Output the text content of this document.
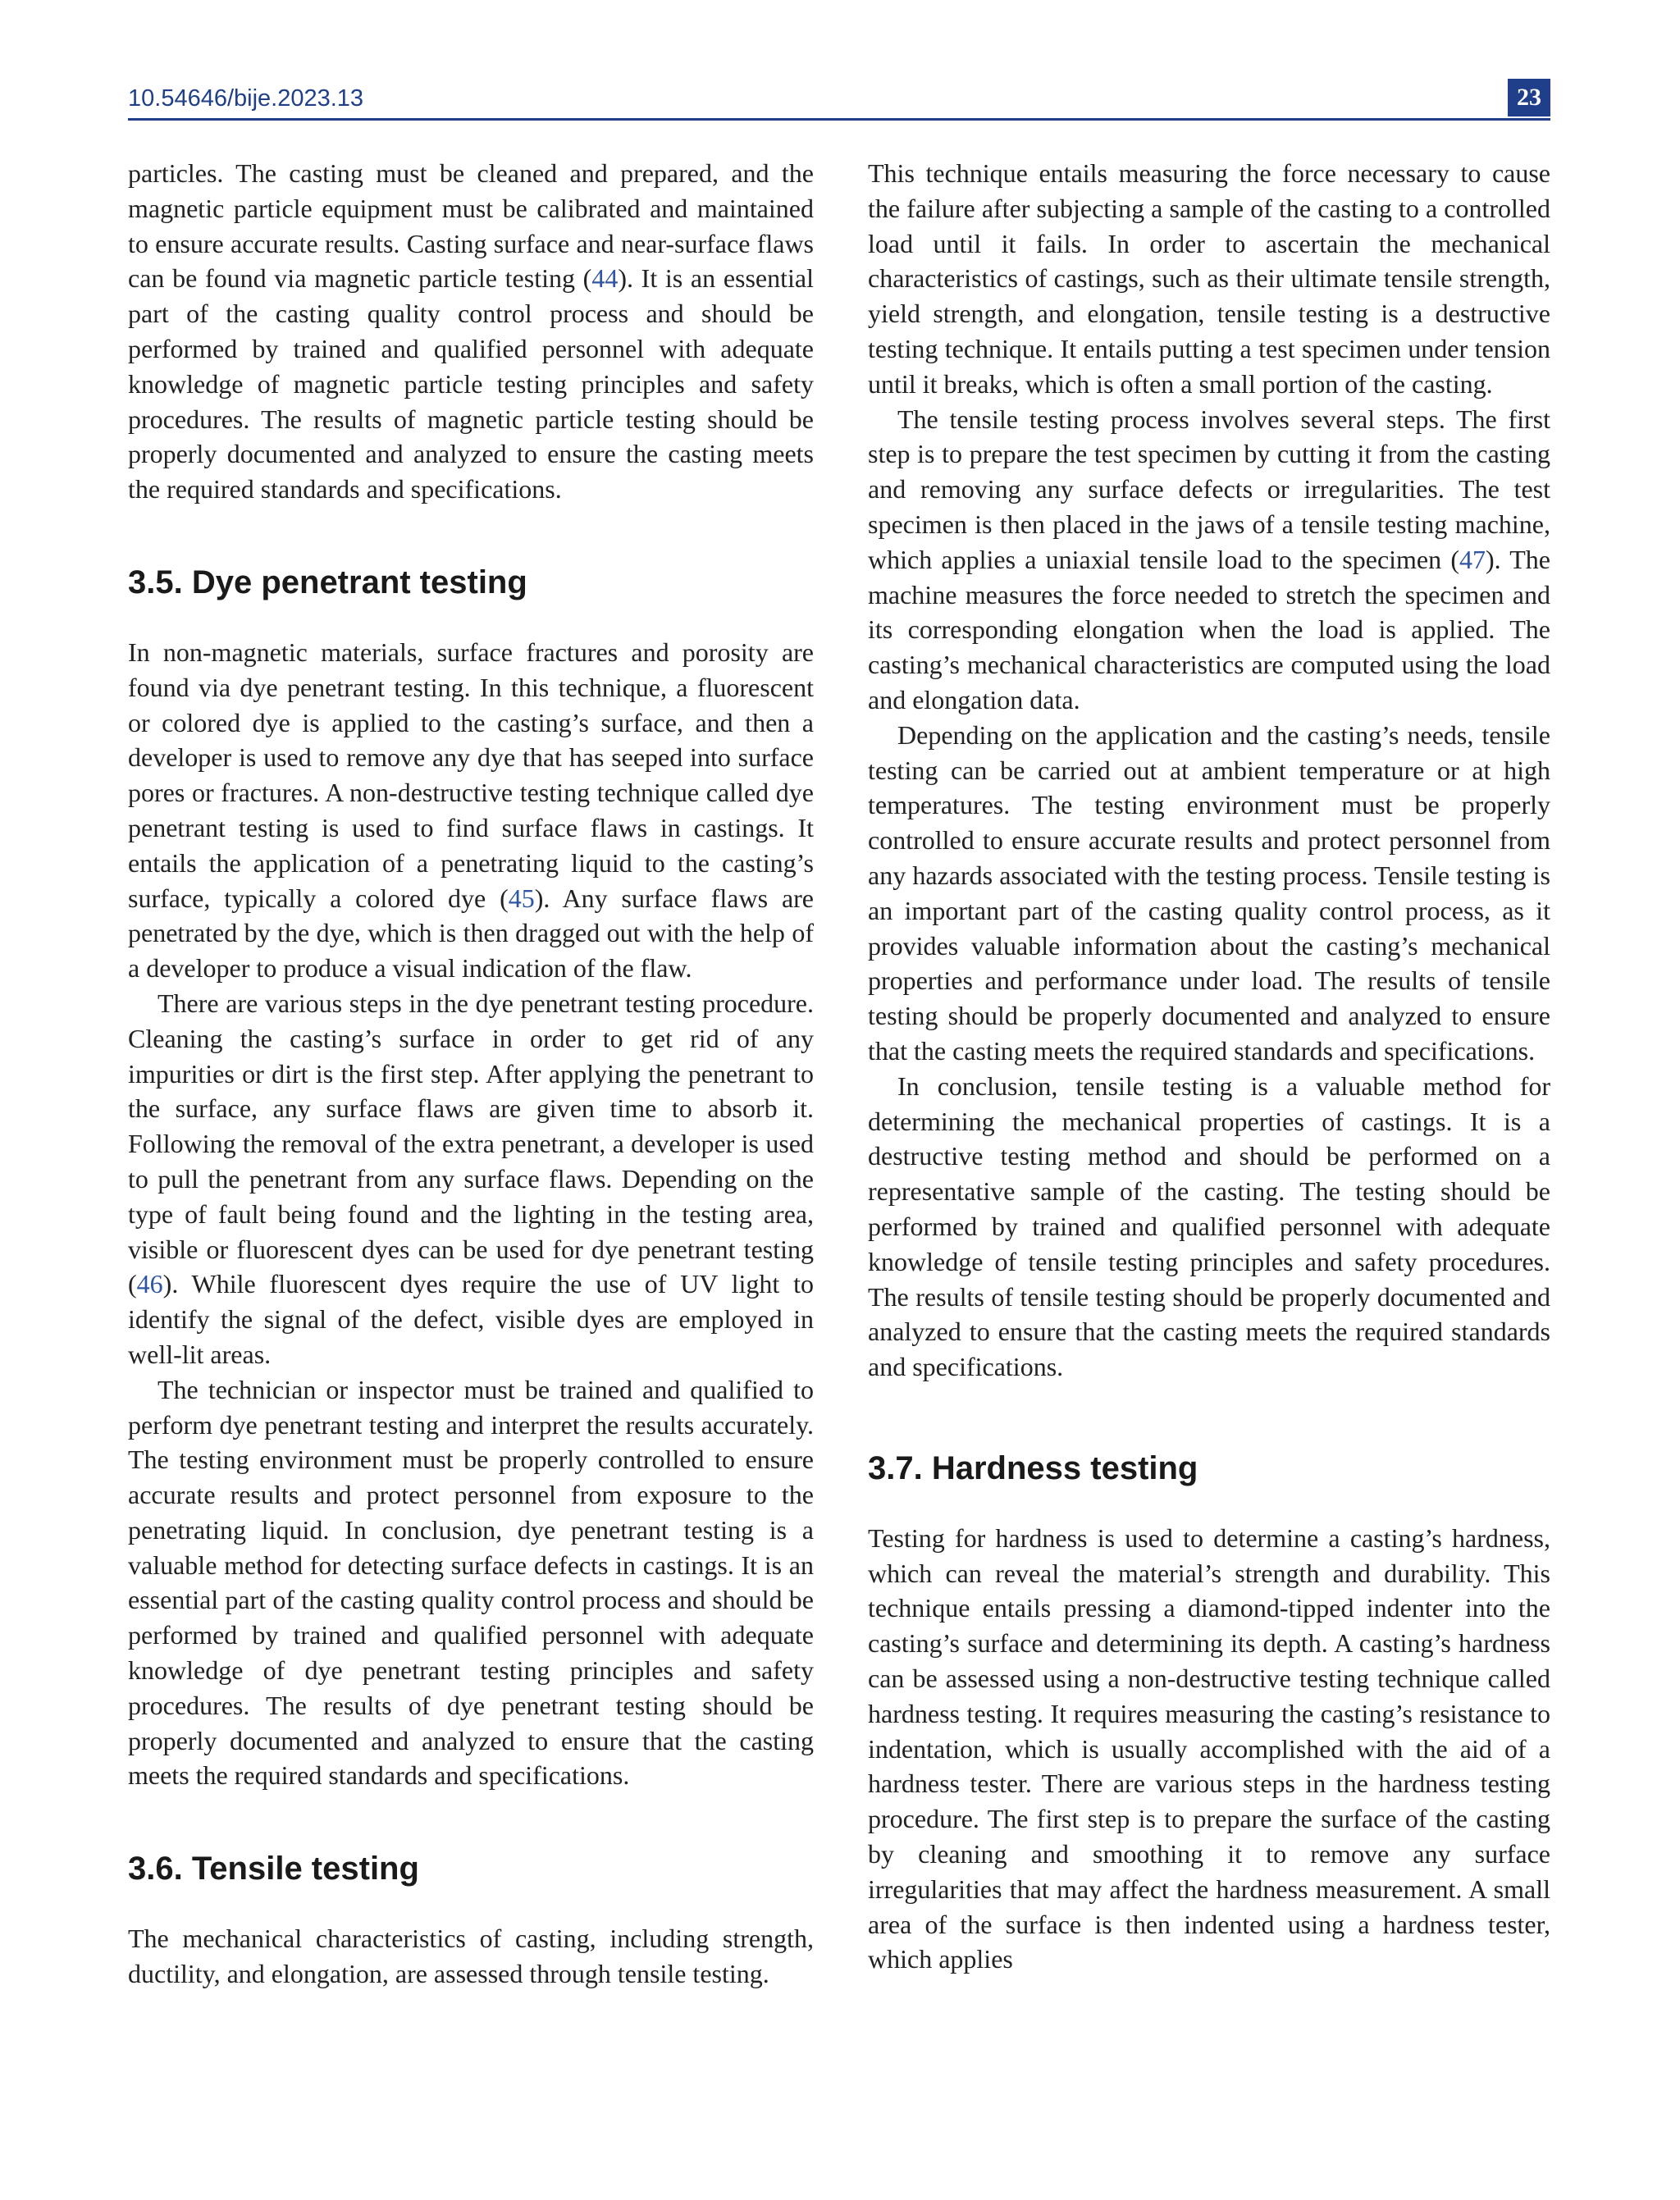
10.54646/bije.2023.13	23

particles. The casting must be cleaned and prepared, and the magnetic particle equipment must be calibrated and maintained to ensure accurate results. Casting surface and near-surface flaws can be found via magnetic particle testing (44). It is an essential part of the casting quality control process and should be performed by trained and qualified personnel with adequate knowledge of magnetic particle testing principles and safety procedures. The results of magnetic particle testing should be properly documented and analyzed to ensure the casting meets the required standards and specifications.

3.5. Dye penetrant testing

In non-magnetic materials, surface fractures and porosity are found via dye penetrant testing. In this technique, a fluorescent or colored dye is applied to the casting’s surface, and then a developer is used to remove any dye that has seeped into surface pores or fractures. A non-destructive testing technique called dye penetrant testing is used to find surface flaws in castings. It entails the application of a penetrating liquid to the casting’s surface, typically a colored dye (45). Any surface flaws are penetrated by the dye, which is then dragged out with the help of a developer to produce a visual indication of the flaw.

There are various steps in the dye penetrant testing procedure. Cleaning the casting’s surface in order to get rid of any impurities or dirt is the first step. After applying the penetrant to the surface, any surface flaws are given time to absorb it. Following the removal of the extra penetrant, a developer is used to pull the penetrant from any surface flaws. Depending on the type of fault being found and the lighting in the testing area, visible or fluorescent dyes can be used for dye penetrant testing (46). While fluorescent dyes require the use of UV light to identify the signal of the defect, visible dyes are employed in well-lit areas.

The technician or inspector must be trained and qualified to perform dye penetrant testing and interpret the results accurately. The testing environment must be properly controlled to ensure accurate results and protect personnel from exposure to the penetrating liquid. In conclusion, dye penetrant testing is a valuable method for detecting surface defects in castings. It is an essential part of the casting quality control process and should be performed by trained and qualified personnel with adequate knowledge of dye penetrant testing principles and safety procedures. The results of dye penetrant testing should be properly documented and analyzed to ensure that the casting meets the required standards and specifications.

3.6. Tensile testing

The mechanical characteristics of casting, including strength, ductility, and elongation, are assessed through tensile testing.

This technique entails measuring the force necessary to cause the failure after subjecting a sample of the casting to a controlled load until it fails. In order to ascertain the mechanical characteristics of castings, such as their ultimate tensile strength, yield strength, and elongation, tensile testing is a destructive testing technique. It entails putting a test specimen under tension until it breaks, which is often a small portion of the casting.

The tensile testing process involves several steps. The first step is to prepare the test specimen by cutting it from the casting and removing any surface defects or irregularities. The test specimen is then placed in the jaws of a tensile testing machine, which applies a uniaxial tensile load to the specimen (47). The machine measures the force needed to stretch the specimen and its corresponding elongation when the load is applied. The casting’s mechanical characteristics are computed using the load and elongation data.

Depending on the application and the casting’s needs, tensile testing can be carried out at ambient temperature or at high temperatures. The testing environment must be properly controlled to ensure accurate results and protect personnel from any hazards associated with the testing process. Tensile testing is an important part of the casting quality control process, as it provides valuable information about the casting’s mechanical properties and performance under load. The results of tensile testing should be properly documented and analyzed to ensure that the casting meets the required standards and specifications.

In conclusion, tensile testing is a valuable method for determining the mechanical properties of castings. It is a destructive testing method and should be performed on a representative sample of the casting. The testing should be performed by trained and qualified personnel with adequate knowledge of tensile testing principles and safety procedures. The results of tensile testing should be properly documented and analyzed to ensure that the casting meets the required standards and specifications.

3.7. Hardness testing

Testing for hardness is used to determine a casting’s hardness, which can reveal the material’s strength and durability. This technique entails pressing a diamond-tipped indenter into the casting’s surface and determining its depth. A casting’s hardness can be assessed using a non-destructive testing technique called hardness testing. It requires measuring the casting’s resistance to indentation, which is usually accomplished with the aid of a hardness tester. There are various steps in the hardness testing procedure. The first step is to prepare the surface of the casting by cleaning and smoothing it to remove any surface irregularities that may affect the hardness measurement. A small area of the surface is then indented using a hardness tester, which applies
